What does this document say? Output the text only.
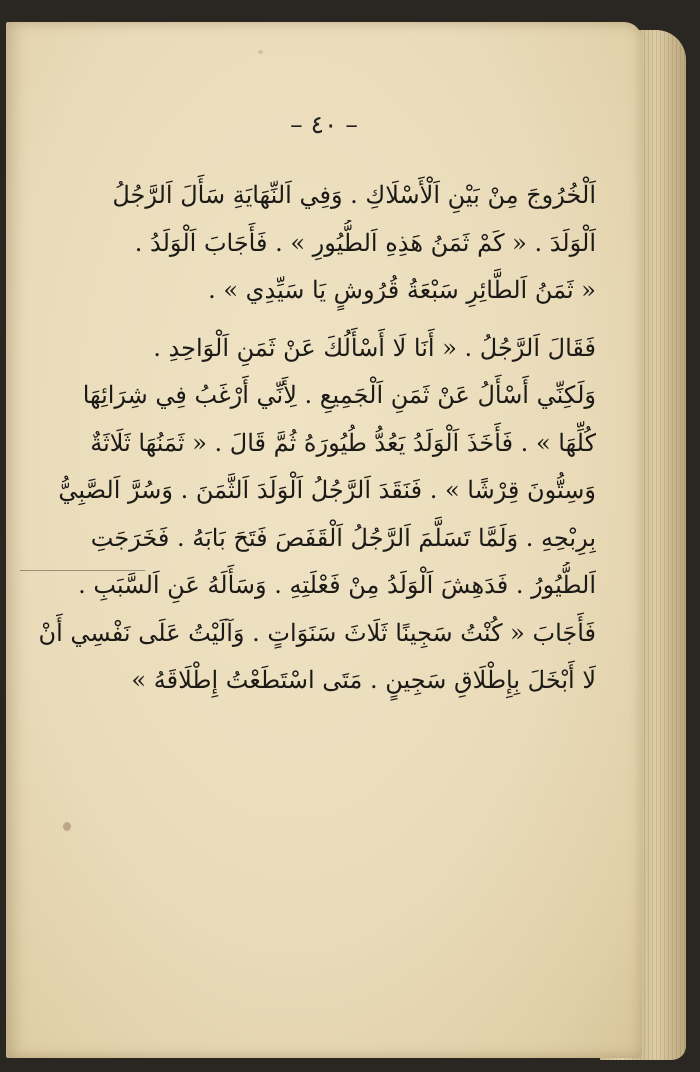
– ٤٠ –
اَلْخُرُوجَ مِنْ بَيْنِ اَلْأَسْلَاكِ . وَفِي اَلنِّهَايَةِ سَأَلَ اَلرَّجُلُ
اَلْوَلَدَ . « كَمْ ثَمَنُ هَذِهِ اَلطُّيُورِ » . فَأَجَابَ اَلْوَلَدُ .
« ثَمَنُ اَلطَّائِرِ سَبْعَةُ قُرُوشٍ يَا سَيِّدِي » .
فَقَالَ اَلرَّجُلُ . « أَنَا لَا أَسْأَلُكَ عَنْ ثَمَنِ اَلْوَاحِدِ .
وَلَكِنِّي أَسْأَلُ عَنْ ثَمَنِ اَلْجَمِيعِ . لِأَنِّي أَرْغَبُ فِي شِرَائِهَا
كُلِّهَا » . فَأَخَذَ اَلْوَلَدُ يَعُدُّ طُيُورَهُ ثُمَّ قَالَ . « ثَمَنُهَا ثَلَاثَةٌ
وَسِتُّونَ قِرْشًا » . فَنَقَدَ اَلرَّجُلُ اَلْوَلَدَ اَلثَّمَنَ . وَسُرَّ اَلصَّبِيُّ
بِرِبْحِهِ . وَلَمَّا تَسَلَّمَ اَلرَّجُلُ اَلْقَفَصَ فَتَحَ بَابَهُ . فَخَرَجَتِ
اَلطُّيُورُ . فَدَهِشَ اَلْوَلَدُ مِنْ فَعْلَتِهِ . وَسَأَلَهُ عَنِ اَلسَّبَبِ .
فَأَجَابَ « كُنْتُ سَجِينًا ثَلَاثَ سَنَوَاتٍ . وَآلَيْتُ عَلَى نَفْسِي أَنْ
لَا أَبْخَلَ بِإِطْلَاقِ سَجِينٍ . مَتَى اسْتَطَعْتُ إِطْلَاقَهُ »
